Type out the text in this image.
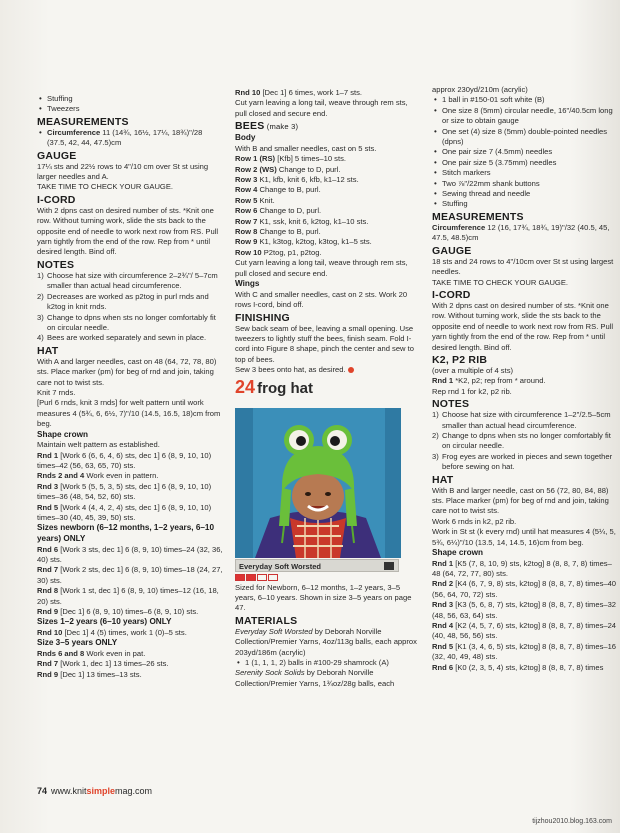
• Stuffing
• Tweezers
MEASUREMENTS
• Circumference 11 (14¾, 16½, 17¼, 18¾)"/28 (37.5, 42, 44, 47.5)cm
GAUGE
17¼ sts and 22½ rows to 4"/10 cm over St st using larger needles and A.
TAKE TIME TO CHECK YOUR GAUGE.
I-CORD
With 2 dpns cast on desired number of sts. *Knit one row. Without turning work, slide the sts back to the opposite end of needle to work next row from RS. Pull yarn tightly from the end of the row. Rep from * until desired length. Bind off.
NOTES
1) Choose hat size with circumference 2–2¾"/ 5–7cm smaller than actual head circumference.
2) Decreases are worked as p2tog in purl rnds and k2tog in knit rnds.
3) Change to dpns when sts no longer comfortably fit on circular needle.
4) Bees are worked separately and sewn in place.
HAT
With A and larger needles, cast on 48 (64, 72, 78, 80) sts. Place marker (pm) for beg of rnd and join, taking care not to twist sts.
Knit 7 rnds.
[Purl 6 rnds, knit 3 rnds] for welt pattern until work measures 4 (5¾, 6, 6½, 7)"/10 (14.5, 16.5, 18)cm from beg.
Shape crown
Maintain welt pattern as established.
Rnd 1 [Work 6 (6, 6, 4, 6) sts, dec 1] 6 (8, 9, 10, 10) times–42 (56, 63, 65, 70) sts.
Rnds 2 and 4 Work even in pattern.
Rnd 3 [Work 5 (5, 5, 3, 5) sts, dec 1] 6 (8, 9, 10, 10) times–36 (48, 54, 52, 60) sts.
Rnd 5 [Work 4 (4, 4, 2, 4) sts, dec 1] 6 (8, 9, 10, 10) times–30 (40, 45, 39, 50) sts.
Sizes newborn (6–12 months, 1–2 years, 6–10 years) ONLY
Rnd 6 [Work 3 sts, dec 1] 6 (8, 9, 10) times–24 (32, 36, 40) sts.
Rnd 7 [Work 2 sts, dec 1] 6 (8, 9, 10) times–18 (24, 27, 30) sts.
Rnd 8 [Work 1 st, dec 1] 6 (8, 9, 10) times–12 (16, 18, 20) sts.
Rnd 9 [Dec 1] 6 (8, 9, 10) times–6 (8, 9, 10) sts.
Sizes 1–2 years (6–10 years) ONLY
Rnd 10 [Dec 1] 4 (5) times, work 1 (0)–5 sts.
Size 3–5 years ONLY
Rnds 6 and 8 Work even in pat.
Rnd 7 [Work 1, dec 1] 13 times–26 sts.
Rnd 9 [Dec 1] 13 times–13 sts.
Rnd 10 [Dec 1] 6 times, work 1–7 sts.
Cut yarn leaving a long tail, weave through rem sts, pull closed and secure end.
BEES (make 3)
Body
With B and smaller needles, cast on 5 sts.
Row 1 (RS) [Kfb] 5 times–10 sts.
Row 2 (WS) Change to D, purl.
Row 3 K1, kfb, knit 6, kfb, k1–12 sts.
Row 4 Change to B, purl.
Row 5 Knit.
Row 6 Change to D, purl.
Row 7 K1, ssk, knit 6, k2tog, k1–10 sts.
Row 8 Change to B, purl.
Row 9 K1, k3tog, k2tog, k3tog, k1–5 sts.
Row 10 P2tog, p1, p2tog.
Cut yarn leaving a long tail, weave through rem sts, pull closed and secure end.
Wings
With C and smaller needles, cast on 2 sts. Work 20 rows I-cord, bind off.
FINISHING
Sew back seam of bee, leaving a small opening. Use tweezers to lightly stuff the bees, finish seam. Fold I-cord into Figure 8 shape, pinch the center and sew to top of bees.
Sew 3 bees onto hat, as desired.
24 frog hat
Everyday Soft Worsted
Sized for Newborn, 6–12 months, 1–2 years, 3–5 years, 6–10 years. Shown in size 3–5 years on page 47.
MATERIALS
Everyday Soft Worsted by Deborah Norville Collection/Premier Yarns, 4oz/113g balls, each approx 203yd/186m (acrylic)
• 1 (1, 1, 1, 2) balls in #100-29 shamrock (A)
Serenity Sock Solids by Deborah Norville Collection/Premier Yarns, 1¾oz/28g balls, each
approx 230yd/210m (acrylic)
• 1 ball in #150-01 soft white (B)
• One size 8 (5mm) circular needle, 16"/40.5cm long or size to obtain gauge
• One set (4) size 8 (5mm) double-pointed needles (dpns)
• One pair size 7 (4.5mm) needles
• One pair size 5 (3.75mm) needles
• Stitch markers
• Two ⅞"/22mm shank buttons
• Sewing thread and needle
• Stuffing
MEASUREMENTS
Circumference 12 (16, 17¾, 18¾, 19)"/32 (40.5, 45, 47.5, 48.5)cm
GAUGE
18 sts and 24 rows to 4"/10cm over St st using largest needles.
TAKE TIME TO CHECK YOUR GAUGE.
I-CORD
With 2 dpns cast on desired number of sts. *Knit one row. Without turning work, slide the sts back to the opposite end of needle to work next row from RS. Pull yarn tightly from the end of the row. Rep from * until desired length. Bind off.
K2, P2 RIB
(over a multiple of 4 sts)
Rnd 1 *K2, p2; rep from * around.
Rep rnd 1 for k2, p2 rib.
NOTES
1) Choose hat size with circumference 1–2"/2.5–5cm smaller than actual head circumference.
2) Change to dpns when sts no longer comfortably fit on circular needle.
3) Frog eyes are worked in pieces and sewn together before sewing on hat.
HAT
With B and larger needle, cast on 56 (72, 80, 84, 88) sts. Place marker (pm) for beg of rnd and join, taking care not to twist sts.
Work 6 rnds in k2, p2 rib.
Work in St st (k every rnd) until hat measures 4 (5¼, 5, 5¾, 6¼)"/10 (13.5, 14, 14.5, 16)cm from beg.
Shape crown
Rnd 1 [K5 (7, 8, 10, 9) sts, k2tog] 8 (8, 8, 7, 8) times–48 (64, 72, 77, 80) sts.
Rnd 2 [K4 (6, 7, 9, 8) sts, k2tog] 8 (8, 8, 7, 8) times–40 (56, 64, 70, 72) sts.
Rnd 3 [K3 (5, 6, 8, 7) sts, k2tog] 8 (8, 8, 7, 8) times–32 (48, 56, 63, 64) sts.
Rnd 4 [K2 (4, 5, 7, 6) sts, k2tog] 8 (8, 8, 7, 8) times–24 (40, 48, 56, 56) sts.
Rnd 5 [K1 (3, 4, 6, 5) sts, k2tog] 8 (8, 8, 7, 8) times–16 (32, 40, 49, 48) sts.
Rnd 6 [K0 (2, 3, 5, 4) sts, k2tog] 8 (8, 8, 7, 8) times
74 www.knitsimplemag.com
tijzhou2010.blog.163.com
